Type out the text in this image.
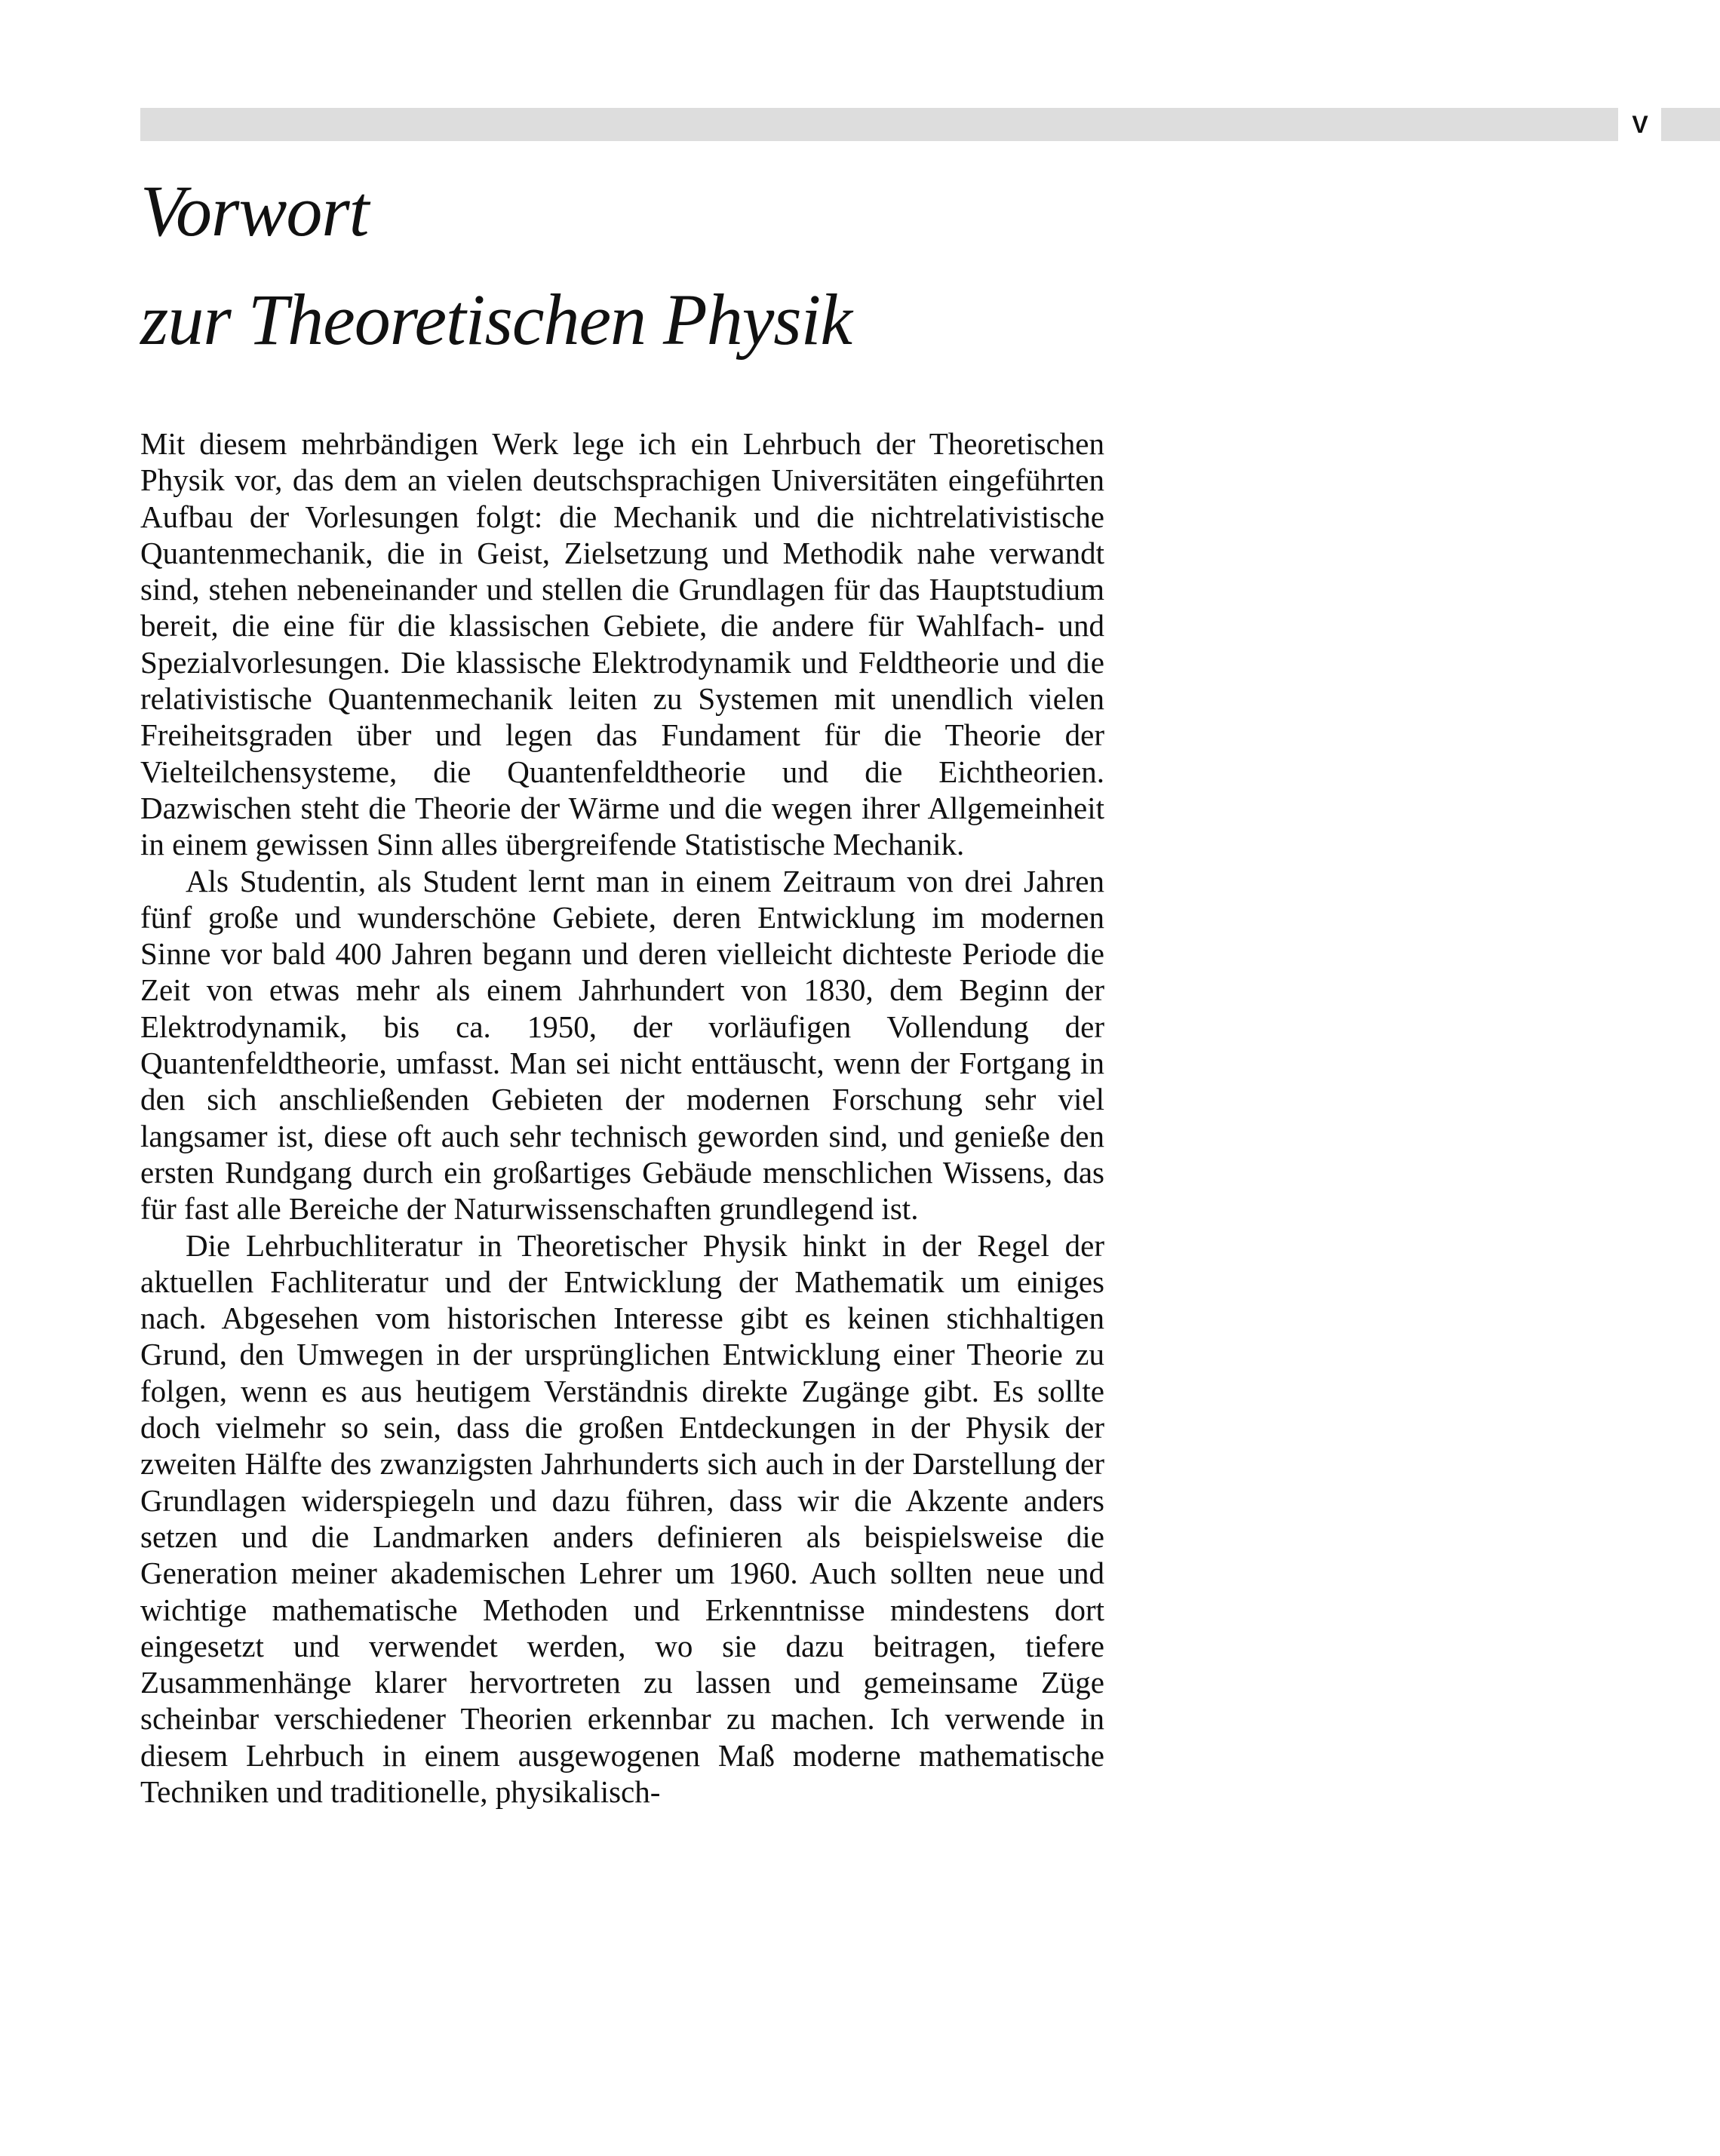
V
Vorwort
zur Theoretischen Physik

Mit diesem mehrbändigen Werk lege ich ein Lehrbuch der Theoretischen Physik vor, das dem an vielen deutschsprachigen Universitäten eingeführten Aufbau der Vorlesungen folgt: die Mechanik und die nichtrelativistische Quantenmechanik, die in Geist, Zielsetzung und Methodik nahe verwandt sind, stehen nebeneinander und stellen die Grundlagen für das Hauptstudium bereit, die eine für die klassischen Gebiete, die andere für Wahlfach- und Spezialvorlesungen. Die klassische Elektrodynamik und Feldtheorie und die relativistische Quantenmechanik leiten zu Systemen mit unendlich vielen Freiheitsgraden über und legen das Fundament für die Theorie der Vielteilchensysteme, die Quantenfeldtheorie und die Eichtheorien. Dazwischen steht die Theorie der Wärme und die wegen ihrer Allgemeinheit in einem gewissen Sinn alles übergreifende Statistische Mechanik.

Als Studentin, als Student lernt man in einem Zeitraum von drei Jahren fünf große und wunderschöne Gebiete, deren Entwicklung im modernen Sinne vor bald 400 Jahren begann und deren vielleicht dichteste Periode die Zeit von etwas mehr als einem Jahrhundert von 1830, dem Beginn der Elektrodynamik, bis ca. 1950, der vorläufigen Vollendung der Quantenfeldtheorie, umfasst. Man sei nicht enttäuscht, wenn der Fortgang in den sich anschließenden Gebieten der modernen Forschung sehr viel langsamer ist, diese oft auch sehr technisch geworden sind, und genieße den ersten Rundgang durch ein großartiges Gebäude menschlichen Wissens, das für fast alle Bereiche der Naturwissenschaften grundlegend ist.

Die Lehrbuchliteratur in Theoretischer Physik hinkt in der Regel der aktuellen Fachliteratur und der Entwicklung der Mathematik um einiges nach. Abgesehen vom historischen Interesse gibt es keinen stichhaltigen Grund, den Umwegen in der ursprünglichen Entwicklung einer Theorie zu folgen, wenn es aus heutigem Verständnis direkte Zugänge gibt. Es sollte doch vielmehr so sein, dass die großen Entdeckungen in der Physik der zweiten Hälfte des zwanzigsten Jahrhunderts sich auch in der Darstellung der Grundlagen widerspiegeln und dazu führen, dass wir die Akzente anders setzen und die Landmarken anders definieren als beispielsweise die Generation meiner akademischen Lehrer um 1960. Auch sollten neue und wichtige mathematische Methoden und Erkenntnisse mindestens dort eingesetzt und verwendet werden, wo sie dazu beitragen, tiefere Zusammenhänge klarer hervortreten zu lassen und gemeinsame Züge scheinbar verschiedener Theorien erkennbar zu machen. Ich verwende in diesem Lehrbuch in einem ausgewogenen Maß moderne mathematische Techniken und traditionelle, physikalisch-
